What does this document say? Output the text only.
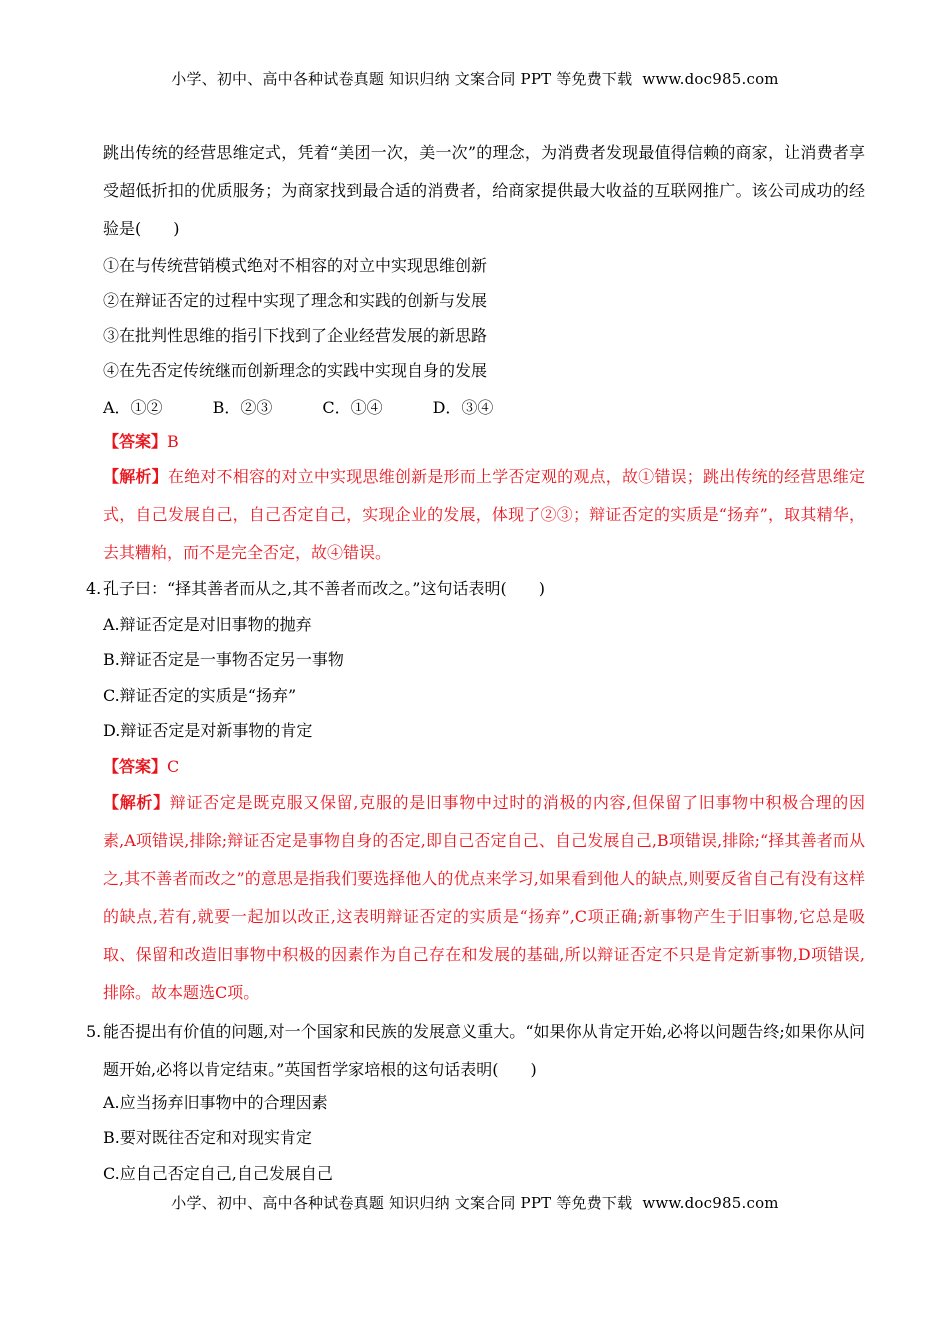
小学、初中、高中各种试卷真题 知识归纳 文案合同 PPT 等免费下载 www.doc985.com
跳出传统的经营思维定式，凭着“美团一次，美一次”的理念，为消费者发现最值得信赖的商家，让消费者享受超低折扣的优质服务；为商家找到最合适的消费者，给商家提供最大收益的互联网推广。该公司成功的经验是(　　)
①在与传统营销模式绝对不相容的对立中实现思维创新
②在辩证否定的过程中实现了理念和实践的创新与发展
③在批判性思维的指引下找到了企业经营发展的新思路
④在先否定传统继而创新理念的实践中实现自身的发展
A．①②	B．②③	C．①④	D．③④
【答案】B
【解析】在绝对不相容的对立中实现思维创新是形而上学否定观的观点，故①错误；跳出传统的经营思维定式，自己发展自己，自己否定自己，实现企业的发展，体现了②③；辩证否定的实质是“扬弃”，取其精华，去其糟粕，而不是完全否定，故④错误。
4. 孔子曰：“择其善者而从之,其不善者而改之。”这句话表明(　　)
A.辩证否定是对旧事物的抛弃
B.辩证否定是一事物否定另一事物
C.辩证否定的实质是“扬弃”
D.辩证否定是对新事物的肯定
【答案】C
【解析】辩证否定是既克服又保留,克服的是旧事物中过时的消极的内容,但保留了旧事物中积极合理的因素,A项错误,排除;辩证否定是事物自身的否定,即自己否定自己、自己发展自己,B项错误,排除;“择其善者而从之,其不善者而改之”的意思是指我们要选择他人的优点来学习,如果看到他人的缺点,则要反省自己有没有这样的缺点,若有,就要一起加以改正,这表明辩证否定的实质是“扬弃”,C项正确;新事物产生于旧事物,它总是吸取、保留和改造旧事物中积极的因素作为自己存在和发展的基础,所以辩证否定不只是肯定新事物,D项错误,排除。故本题选C项。
5. 能否提出有价值的问题,对一个国家和民族的发展意义重大。“如果你从肯定开始,必将以问题告终;如果你从问题开始,必将以肯定结束。”英国哲学家培根的这句话表明(　　)
A.应当扬弃旧事物中的合理因素
B.要对既往否定和对现实肯定
C.应自己否定自己,自己发展自己
小学、初中、高中各种试卷真题 知识归纳 文案合同 PPT 等免费下载 www.doc985.com
